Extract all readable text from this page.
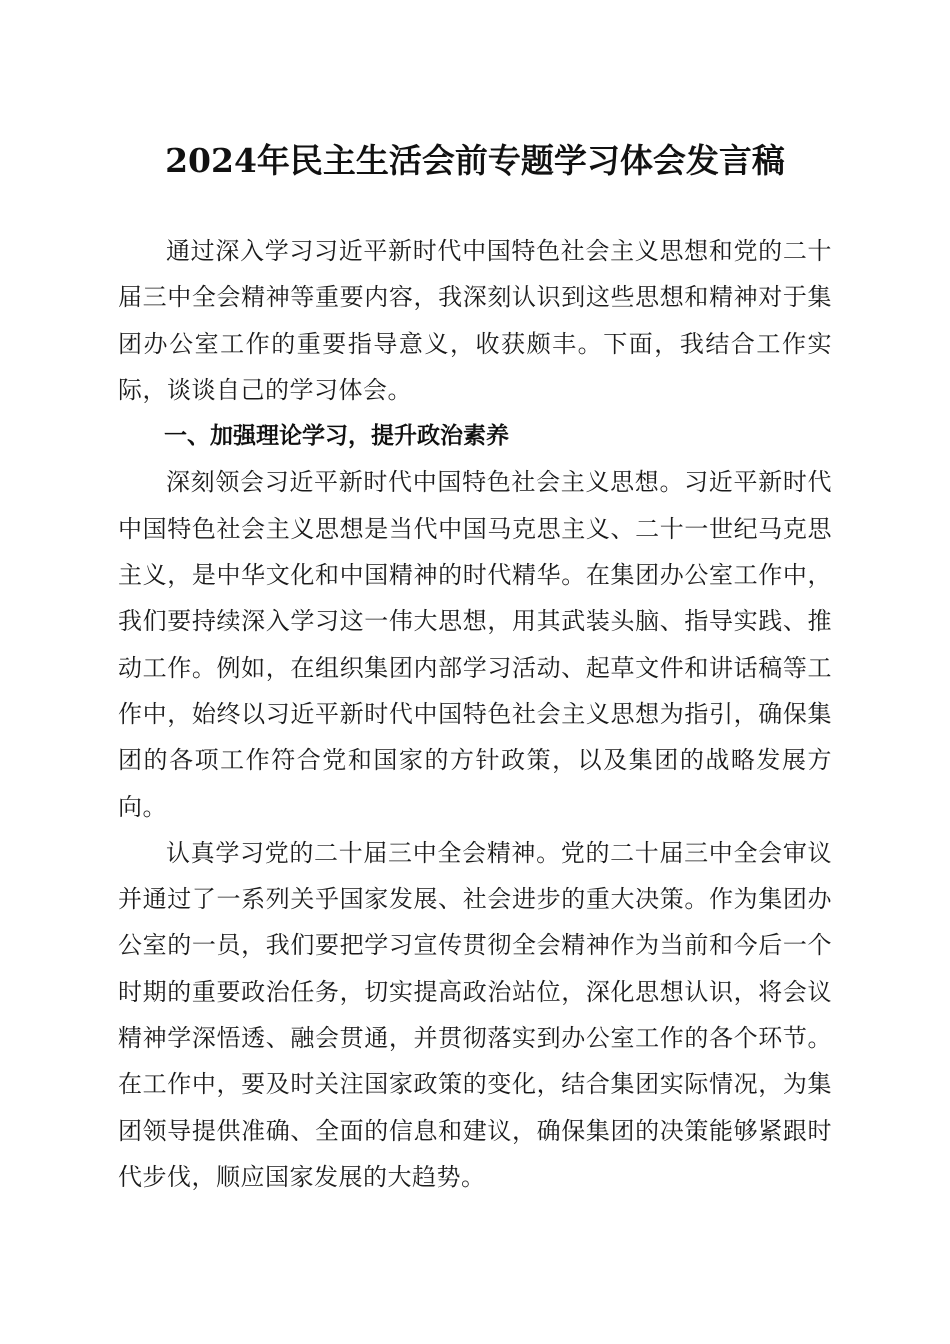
2024年民主生活会前专题学习体会发言稿

通过深入学习习近平新时代中国特色社会主义思想和党的二十届三中全会精神等重要内容，我深刻认识到这些思想和精神对于集团办公室工作的重要指导意义，收获颇丰。下面，我结合工作实际，谈谈自己的学习体会。

一、加强理论学习，提升政治素养

深刻领会习近平新时代中国特色社会主义思想。习近平新时代中国特色社会主义思想是当代中国马克思主义、二十一世纪马克思主义，是中华文化和中国精神的时代精华。在集团办公室工作中，我们要持续深入学习这一伟大思想，用其武装头脑、指导实践、推动工作。例如，在组织集团内部学习活动、起草文件和讲话稿等工作中，始终以习近平新时代中国特色社会主义思想为指引，确保集团的各项工作符合党和国家的方针政策，以及集团的战略发展方向。

认真学习党的二十届三中全会精神。党的二十届三中全会审议并通过了一系列关乎国家发展、社会进步的重大决策。作为集团办公室的一员，我们要把学习宣传贯彻全会精神作为当前和今后一个时期的重要政治任务，切实提高政治站位，深化思想认识，将会议精神学深悟透、融会贯通，并贯彻落实到办公室工作的各个环节。在工作中，要及时关注国家政策的变化，结合集团实际情况，为集团领导提供准确、全面的信息和建议，确保集团的决策能够紧跟时代步伐，顺应国家发展的大趋势。
